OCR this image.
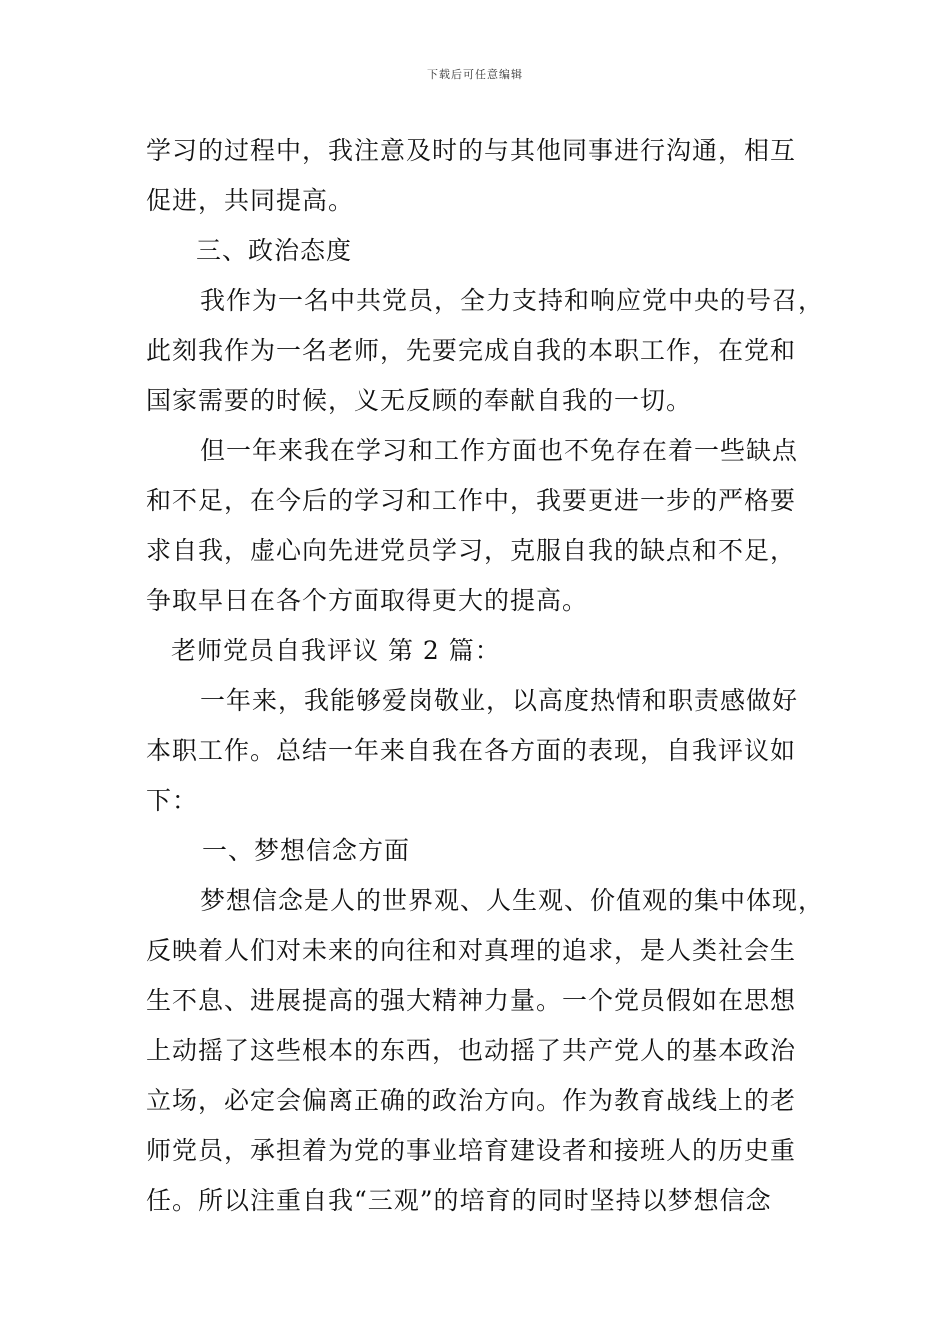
下载后可任意编辑
学习的过程中，我注意及时的与其他同事进行沟通，相互
促进，共同提高。
三、政治态度
我作为一名中共党员，全力支持和响应党中央的号召，
此刻我作为一名老师，先要完成自我的本职工作，在党和
国家需要的时候，义无反顾的奉献自我的一切。
但一年来我在学习和工作方面也不免存在着一些缺点
和不足，在今后的学习和工作中，我要更进一步的严格要
求自我，虚心向先进党员学习，克服自我的缺点和不足，
争取早日在各个方面取得更大的提高。
老师党员自我评议 第 2 篇：
一年来，我能够爱岗敬业，以高度热情和职责感做好
本职工作。总结一年来自我在各方面的表现，自我评议如
下：
一、梦想信念方面
梦想信念是人的世界观、人生观、价值观的集中体现，
反映着人们对未来的向往和对真理的追求，是人类社会生
生不息、进展提高的强大精神力量。一个党员假如在思想
上动摇了这些根本的东西，也动摇了共产党人的基本政治
立场，必定会偏离正确的政治方向。作为教育战线上的老
师党员，承担着为党的事业培育建设者和接班人的历史重
任。所以注重自我“三观”的培育的同时坚持以梦想信念
